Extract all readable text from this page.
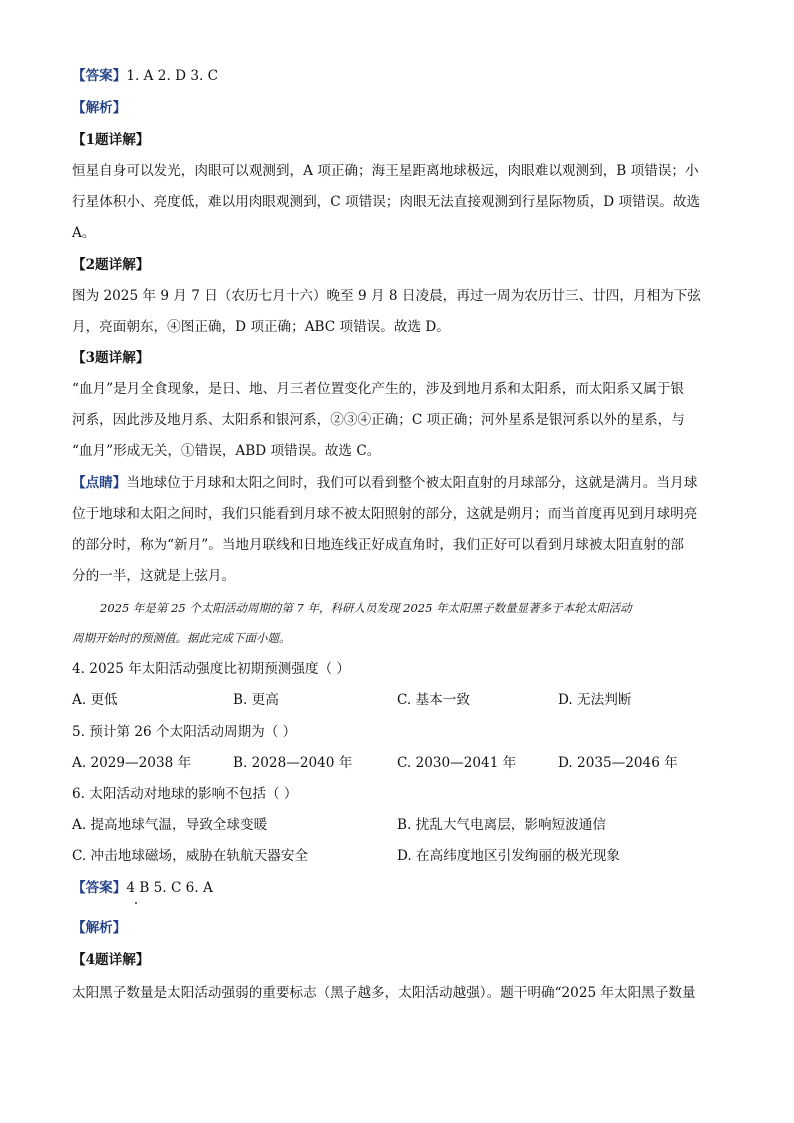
【答案】1. A 2. D 3. C
【解析】
【1题详解】
恒星自身可以发光，肉眼可以观测到，A 项正确；海王星距离地球极远，肉眼难以观测到，B 项错误；小
行星体积小、亮度低，难以用肉眼观测到，C 项错误；肉眼无法直接观测到行星际物质，D 项错误。故选
A。
【2题详解】
图为 2025 年 9 月 7 日（农历七月十六）晚至 9 月 8 日凌晨，再过一周为农历廿三、廿四，月相为下弦
月，亮面朝东，④图正确，D 项正确；ABC 项错误。故选 D。
【3题详解】
“血月”是月全食现象，是日、地、月三者位置变化产生的，涉及到地月系和太阳系，而太阳系又属于银
河系，因此涉及地月系、太阳系和银河系，②③④正确；C 项正确；河外星系是银河系以外的星系，与
“血月”形成无关，①错误，ABD 项错误。故选 C。
【点睛】当地球位于月球和太阳之间时，我们可以看到整个被太阳直射的月球部分，这就是满月。当月球
位于地球和太阳之间时，我们只能看到月球不被太阳照射的部分，这就是朔月；而当首度再见到月球明亮
的部分时，称为“新月”。当地月联线和日地连线正好成直角时，我们正好可以看到月球被太阳直射的部
分的一半，这就是上弦月。
2025 年是第 25 个太阳活动周期的第 7 年，科研人员发现 2025 年太阳黑子数量显著多于本轮太阳活动
周期开始时的预测值。据此完成下面小题。
4. 2025 年太阳活动强度比初期预测强度（ ）
A. 更低	B. 更高	C. 基本一致	D. 无法判断
5. 预计第 26 个太阳活动周期为（ ）
A. 2029—2038 年	B. 2028—2040 年	C. 2030—2041 年	D. 2035—2046 年
6. 太阳活动对地球的影响不包括（ ）
A. 提高地球气温，导致全球变暖	B. 扰乱大气电离层，影响短波通信
C. 冲击地球磁场，威胁在轨航天器安全	D. 在高纬度地区引发绚丽的极光现象
【答案】4 B 5. C 6. A
【解析】
【4题详解】
太阳黑子数量是太阳活动强弱的重要标志（黑子越多，太阳活动越强）。题干明确“2025 年太阳黑子数量
